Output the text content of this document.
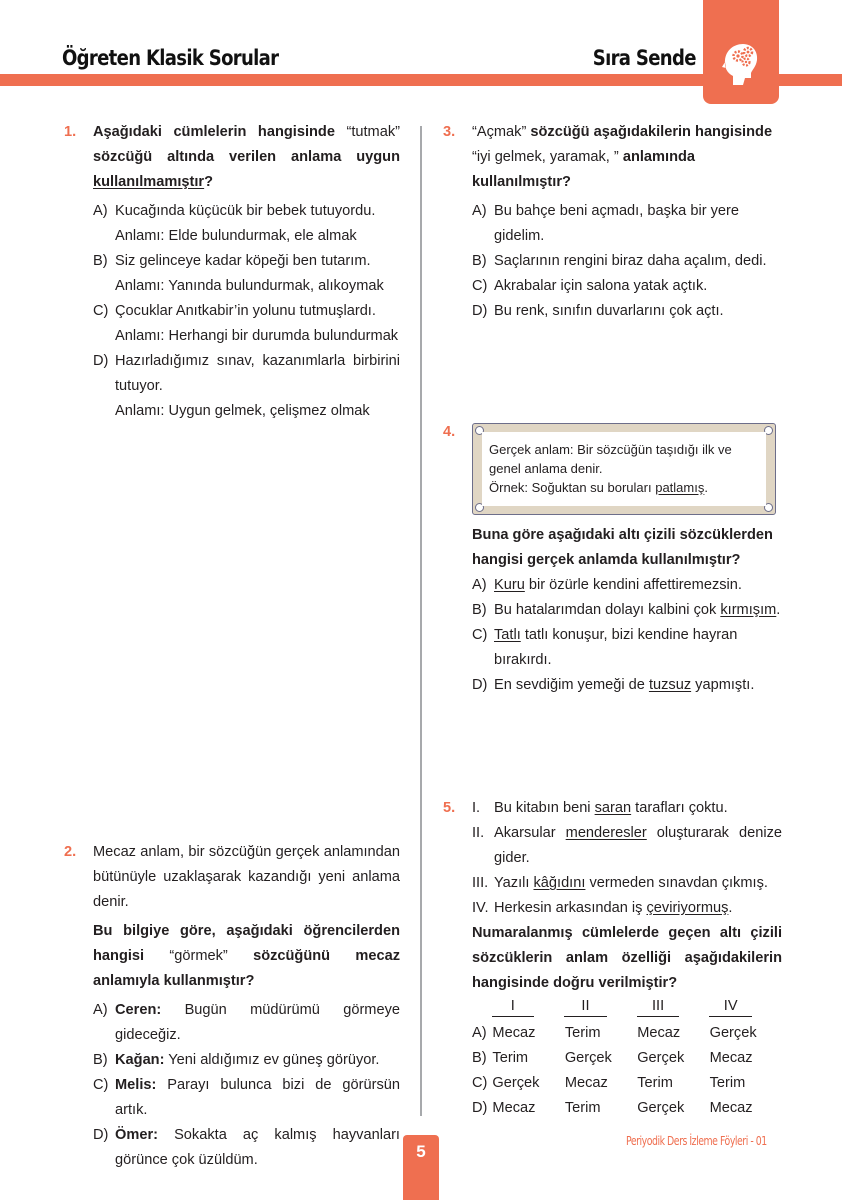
Öğreten Klasik Sorular	Sıra Sende
1. Aşağıdaki cümlelerin hangisinde “tutmak” sözcüğü altında verilen anlama uygun kullanılmamıştır?
A) Kucağında küçücük bir bebek tutuyordu.
Anlamı: Elde bulundurmak, ele almak
B) Siz gelinceye kadar köpeği ben tutarım.
Anlamı: Yanında bulundurmak, alıkoymak
C) Çocuklar Anıtkabir’in yolunu tutmuşlardı.
Anlamı: Herhangi bir durumda bulundurmak
D) Hazırladığımız sınav, kazanımlarla birbirini tutuyor.
Anlamı: Uygun gelmek, çelişmez olmak
2. Mecaz anlam, bir sözcüğün gerçek anlamından bütünüyle uzaklaşarak kazandığı yeni anlama denir.
Bu bilgiye göre, aşağıdaki öğrencilerden hangisi “görmek” sözcüğünü mecaz anlamıyla kullanmıştır?
A) Ceren: Bugün müdürümü görmeye gideceğiz.
B) Kağan: Yeni aldığımız ev güneş görüyor.
C) Melis: Parayı bulunca bizi de görürsün artık.
D) Ömer: Sokakta aç kalmış hayvanları görünce çok üzüldüm.
3. “Açmak” sözcüğü aşağıdakilerin hangisinde “iyi gelmek, yaramak, ” anlamında kullanılmıştır?
A) Bu bahçe beni açmadı, başka bir yere gidelim.
B) Saçlarının rengini biraz daha açalım, dedi.
C) Akrabalar için salona yatak açtık.
D) Bu renk, sınıfın duvarlarını çok açtı.
4.
Gerçek anlam: Bir sözcüğün taşıdığı ilk ve genel anlama denir.
Örnek: Soğuktan su boruları patlamış.
Buna göre aşağıdaki altı çizili sözcüklerden hangisi gerçek anlamda kullanılmıştır?
A) Kuru bir özürle kendini affettiremezsin.
B) Bu hatalarımdan dolayı kalbini çok kırmışım.
C) Tatlı tatlı konuşur, bizi kendine hayran bırakırdı.
D) En sevdiğim yemeği de tuzsuz yapmıştı.
5. I. Bu kitabın beni saran tarafları çoktu.
II. Akarsular menderesler oluşturarak denize gider.
III. Yazılı kâğıdını vermeden sınavdan çıkmış.
IV. Herkesin arkasından iş çeviriyormuş.
Numaralanmış cümlelerde geçen altı çizili sözcüklerin anlam özelliği aşağıdakilerin hangisinde doğru verilmiştir?
I	II	III	IV
A) Mecaz	Terim	Mecaz	Gerçek
B) Terim	Gerçek	Gerçek	Mecaz
C) Gerçek	Mecaz	Terim	Terim
D) Mecaz	Terim	Gerçek	Mecaz
5
Periyodik Ders İzleme Föyleri - 01
